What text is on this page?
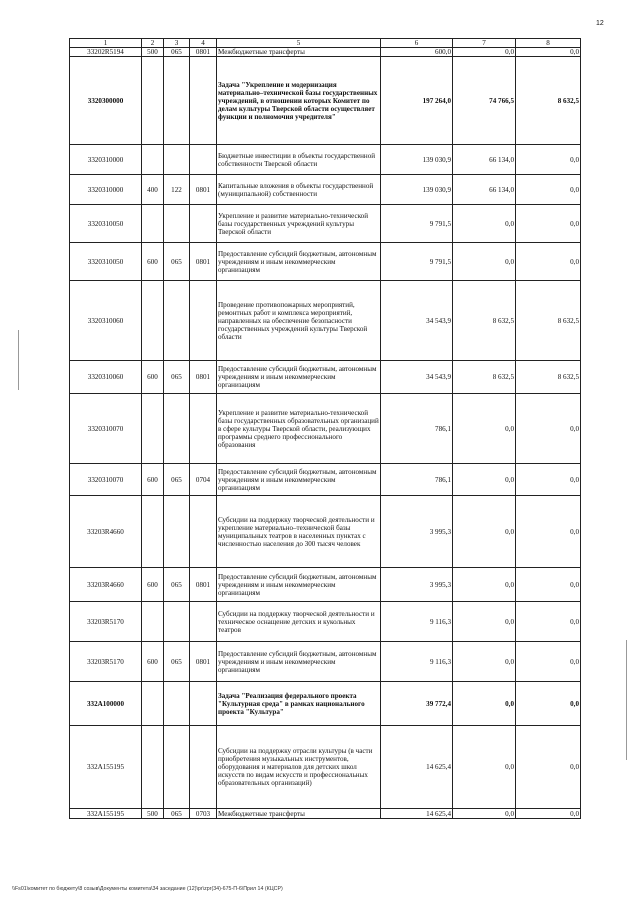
12
1	2	3	4	5	6	7	8
33202R5194	500	065	0801	Межбюджетные трансферты	600,0	0,0	0,0
3320300000				Задача "Укрепление и модернизация материально–технической базы государственных учреждений, в отношении которых Комитет по делам культуры Тверской области осуществляет функции и полномочия учредителя"	197 264,0	74 766,5	8 632,5
3320310000				Бюджетные инвестиции в объекты государственной собственности Тверской области	139 030,9	66 134,0	0,0
3320310000	400	122	0801	Капитальные вложения в объекты государственной (муниципальной) собственности	139 030,9	66 134,0	0,0
3320310050				Укрепление и развитие материально-технической базы государственных учреждений культуры Тверской области	9 791,5	0,0	0,0
3320310050	600	065	0801	Предоставление субсидий бюджетным, автономным учреждениям и иным некоммерческим организациям	9 791,5	0,0	0,0
3320310060				Проведение противопожарных мероприятий, ремонтных работ и комплекса мероприятий, направленных на обеспечение безопасности государственных учреждений культуры Тверской области	34 543,9	8 632,5	8 632,5
3320310060	600	065	0801	Предоставление субсидий бюджетным, автономным учреждениям и иным некоммерческим организациям	34 543,9	8 632,5	8 632,5
3320310070				Укрепление и развитие материально-технической базы государственных образовательных организаций в сфере культуры Тверской области, реализующих программы среднего профессионального образования	786,1	0,0	0,0
3320310070	600	065	0704	Предоставление субсидий бюджетным, автономным учреждениям и иным некоммерческим организациям	786,1	0,0	0,0
33203R4660				Субсидии на поддержку творческой деятельности и укрепление материально–технической базы муниципальных театров в населенных пунктах с численностью населения до 300 тысяч человек	3 995,3	0,0	0,0
33203R4660	600	065	0801	Предоставление субсидий бюджетным, автономным учреждениям и иным некоммерческим организациям	3 995,3	0,0	0,0
33203R5170				Субсидии на поддержку творческой деятельности и техническое оснащение детских и кукольных театров	9 116,3	0,0	0,0
33203R5170	600	065	0801	Предоставление субсидий бюджетным, автономным учреждениям и иным некоммерческим организациям	9 116,3	0,0	0,0
332A100000				Задача "Реализация федерального проекта "Культурная среда" в рамках национального проекта "Культура"	39 772,4	0,0	0,0
332A155195				Субсидии на поддержку отрасли культуры (в части приобретения музыкальных инструментов, оборудования и материалов для детских школ искусств по видам искусств и профессиональных образовательных организаций)	14 625,4	0,0	0,0
332A155195	500	065	0703	Межбюджетные трансферты	14 625,4	0,0	0,0
\\Fs01\комитет по бюджету\8 созыв\Документы комитета\34 заседание (12)\pr\zpr(34)-675-П-6\Прил 14 (КЦСР)
